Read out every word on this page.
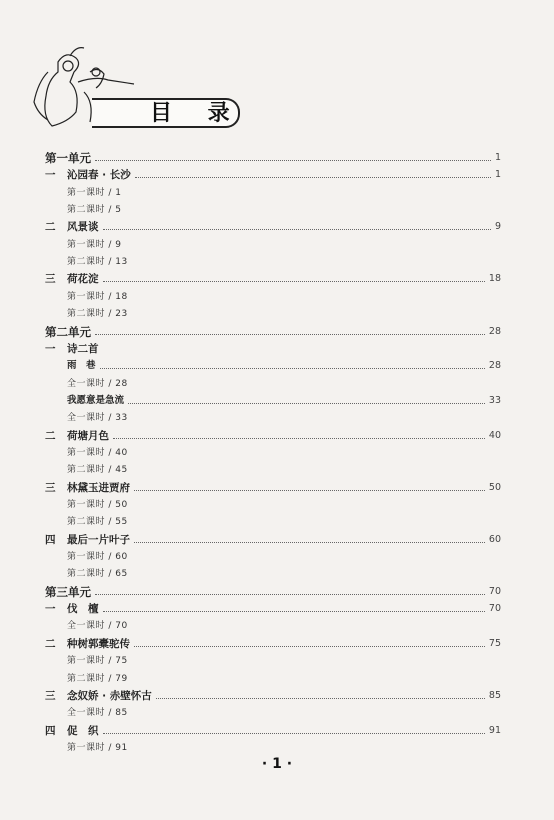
目 录
第一单元	1
一	沁园春 · 长沙	1
第一课时 / 1
第二课时 / 5
二	风景谈	9
第一课时 / 9
第二课时 / 13
三	荷花淀	18
第一课时 / 18
第二课时 / 23
第二单元	28
一	诗二首
雨　巷	28
全一课时 / 28
我愿意是急流	33
全一课时 / 33
二	荷塘月色	40
第一课时 / 40
第二课时 / 45
三	林黛玉进贾府	50
第一课时 / 50
第二课时 / 55
四	最后一片叶子	60
第一课时 / 60
第二课时 / 65
第三单元	70
一	伐　檀	70
全一课时 / 70
二	种树郭橐驼传	75
第一课时 / 75
第二课时 / 79
三	念奴娇 · 赤壁怀古	85
全一课时 / 85
四	促　织	91
第一课时 / 91
· 1 ·
